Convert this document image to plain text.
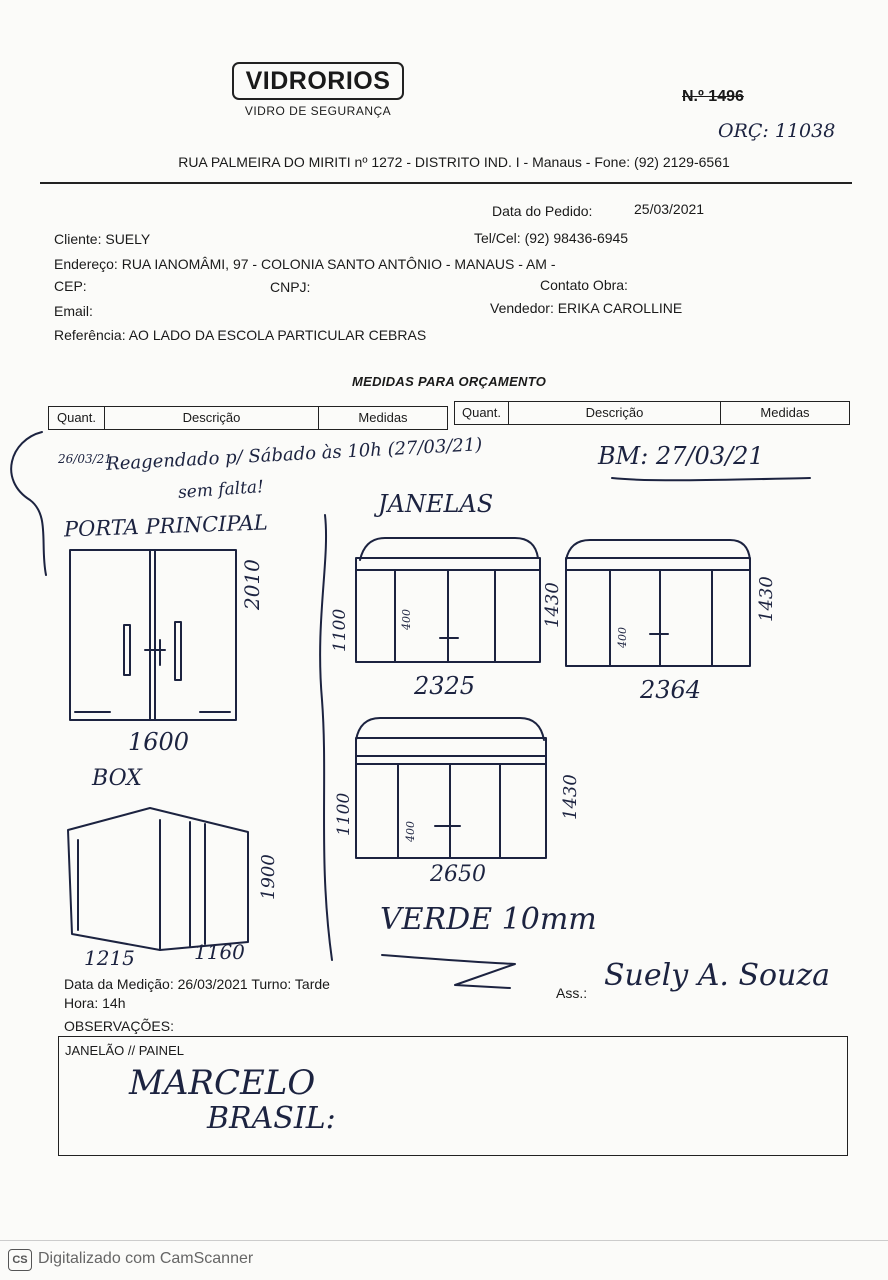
VIDRORIOS
VIDRO DE SEGURANÇA
N.º 1496
ORÇ: 11038
RUA PALMEIRA DO MIRITI nº 1272 - DISTRITO IND. I - Manaus - Fone: (92) 2129-6561
Data do Pedido:	25/03/2021
Cliente: SUELY	Tel/Cel: (92) 98436-6945
Endereço: RUA IANOMÂMI, 97 - COLONIA SANTO ANTÔNIO - MANAUS - AM -
CEP:	CNPJ:	Contato Obra:
Email:	Vendedor: ERIKA CAROLLINE
Referência: AO LADO DA ESCOLA PARTICULAR CEBRAS
MEDIDAS PARA ORÇAMENTO
Quant.	Descrição	Medidas	Quant.	Descrição	Medidas
26/03/21
Reagendado p/ Sábado às 10h (27/03/21)
sem falta!
BM: 27/03/21
JANELAS
PORTA PRINCIPAL
2010
1600
1100
1430
400
2325
1430
400
2364
1100	1430
400
2650
BOX
1900
1215	1160
VERDE 10mm
Data da Medição: 26/03/2021 Turno: Tarde
Hora: 14h
Ass.: Suely A. Souza
OBSERVAÇÕES:
JANELÃO // PAINEL
MARCELO
BRASIL:
CS Digitalizado com CamScanner
